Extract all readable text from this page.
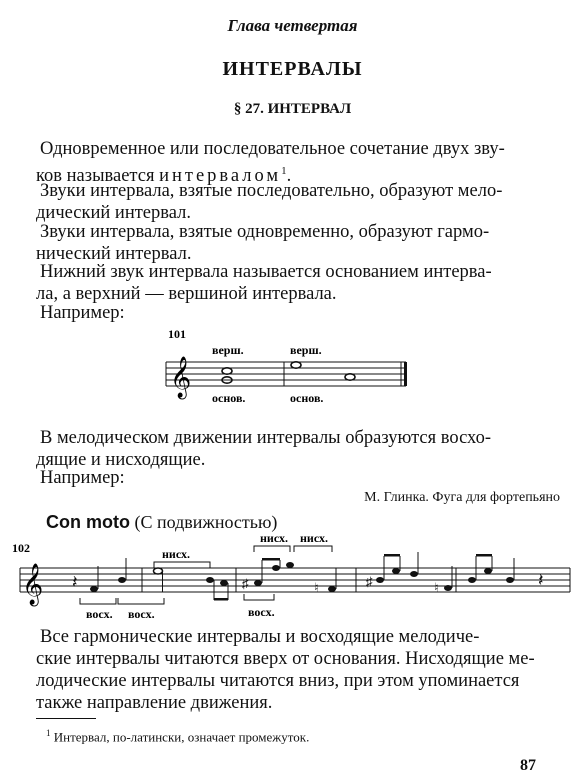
Глава четвертая
ИНТЕРВАЛЫ
§ 27. ИНТЕРВАЛ
Одновременное или последовательное сочетание двух зву-
ков называется интервалом$^1$.
Звуки интервала, взятые последовательно, образуют мело-
дический интервал.
Звуки интервала, взятые одновременно, образуют гармо-
нический интервал.
Нижний звук интервала называется основанием интерва-
ла, а верхний — вершиной интервала.
Например:
101
верш.	верш.
𝄞 основ.	основ.
В мелодическом движении интервалы образуются восхо-
дящие и нисходящие.
Например:
М. Глинка. Фуга для фортепьяно
Con moto (С подвижностью)
102	нисх.
нисх. нисх.
𝄞 𝄽	♯	♮	♯	♮	𝄽
восх. восх.	восх.
Все гармонические интервалы и восходящие мелодиче-
ские интервалы читаются вверх от основания. Нисходящие ме-
лодические интервалы читаются вниз, при этом упоминается
также направление движения.
$^1$ Интервал, по-латински, означает промежуток.
87
